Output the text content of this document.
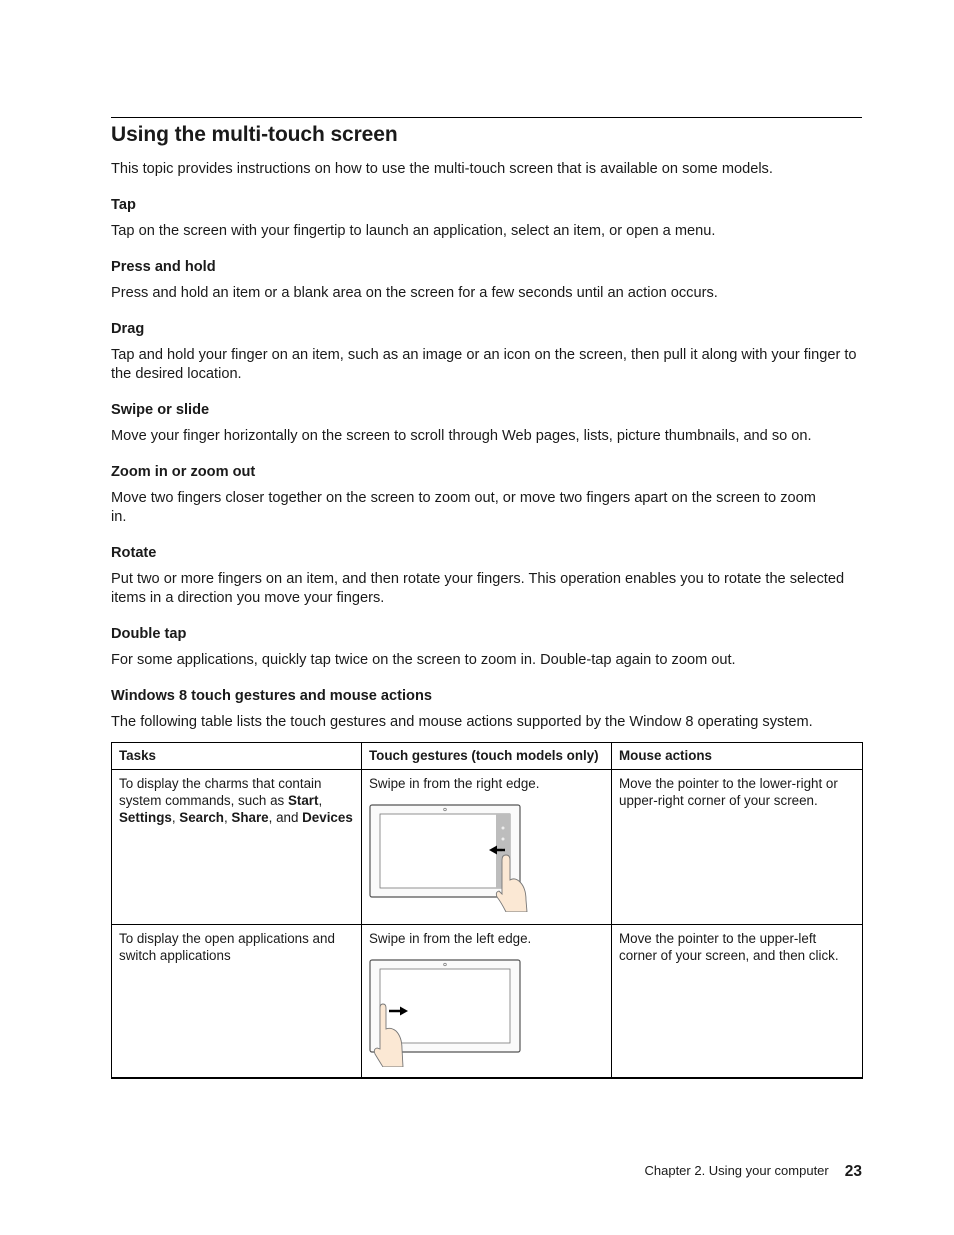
Using the multi-touch screen

This topic provides instructions on how to use the multi-touch screen that is available on some models.

Tap

Tap on the screen with your fingertip to launch an application, select an item, or open a menu.

Press and hold

Press and hold an item or a blank area on the screen for a few seconds until an action occurs.

Drag

Tap and hold your finger on an item, such as an image or an icon on the screen, then pull it along with your finger to the desired location.

Swipe or slide

Move your finger horizontally on the screen to scroll through Web pages, lists, picture thumbnails, and so on.

Zoom in or zoom out

Move two fingers closer together on the screen to zoom out, or move two fingers apart on the screen to zoom in.

Rotate

Put two or more fingers on an item, and then rotate your fingers. This operation enables you to rotate the selected items in a direction you move your fingers.

Double tap

For some applications, quickly tap twice on the screen to zoom in. Double-tap again to zoom out.

Windows 8 touch gestures and mouse actions

The following table lists the touch gestures and mouse actions supported by the Window 8 operating system.

Tasks	Touch gestures (touch models only)	Mouse actions
To display the charms that contain system commands, such as Start, Settings, Search, Share, and Devices	Swipe in from the right edge.	Move the pointer to the lower-right or upper-right corner of your screen.
To display the open applications and switch applications	Swipe in from the left edge.	Move the pointer to the upper-left corner of your screen, and then click.
Chapter 2. Using your computer 23
